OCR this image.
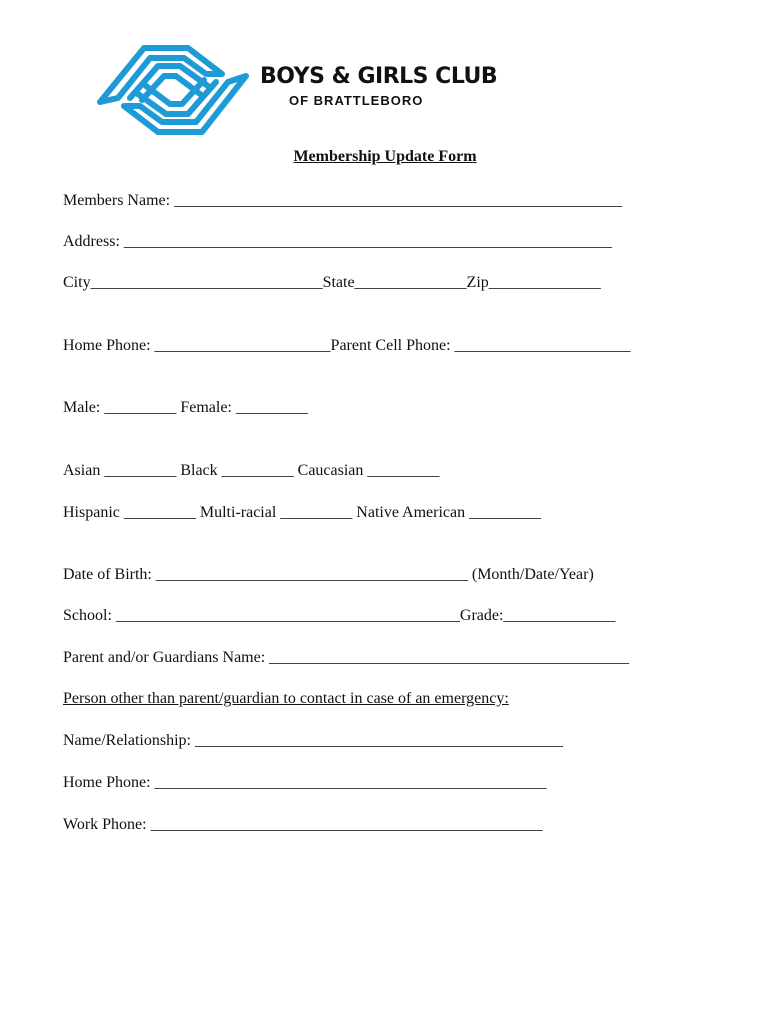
BOYS & GIRLS CLUB
OF BRATTLEBORO
Membership Update Form
Members Name: ________________________________________________________
Address: _____________________________________________________________
City_____________________________State______________Zip______________
Home Phone: ______________________Parent Cell Phone: ______________________
Male: _________ Female: _________
Asian _________ Black _________ Caucasian _________
Hispanic _________ Multi-racial _________ Native American _________
Date of Birth: _______________________________________ (Month/Date/Year)
School: ___________________________________________Grade:______________
Parent and/or Guardians Name: _____________________________________________
Person other than parent/guardian to contact in case of an emergency:
Name/Relationship: ______________________________________________
Home Phone: _________________________________________________
Work Phone: _________________________________________________
